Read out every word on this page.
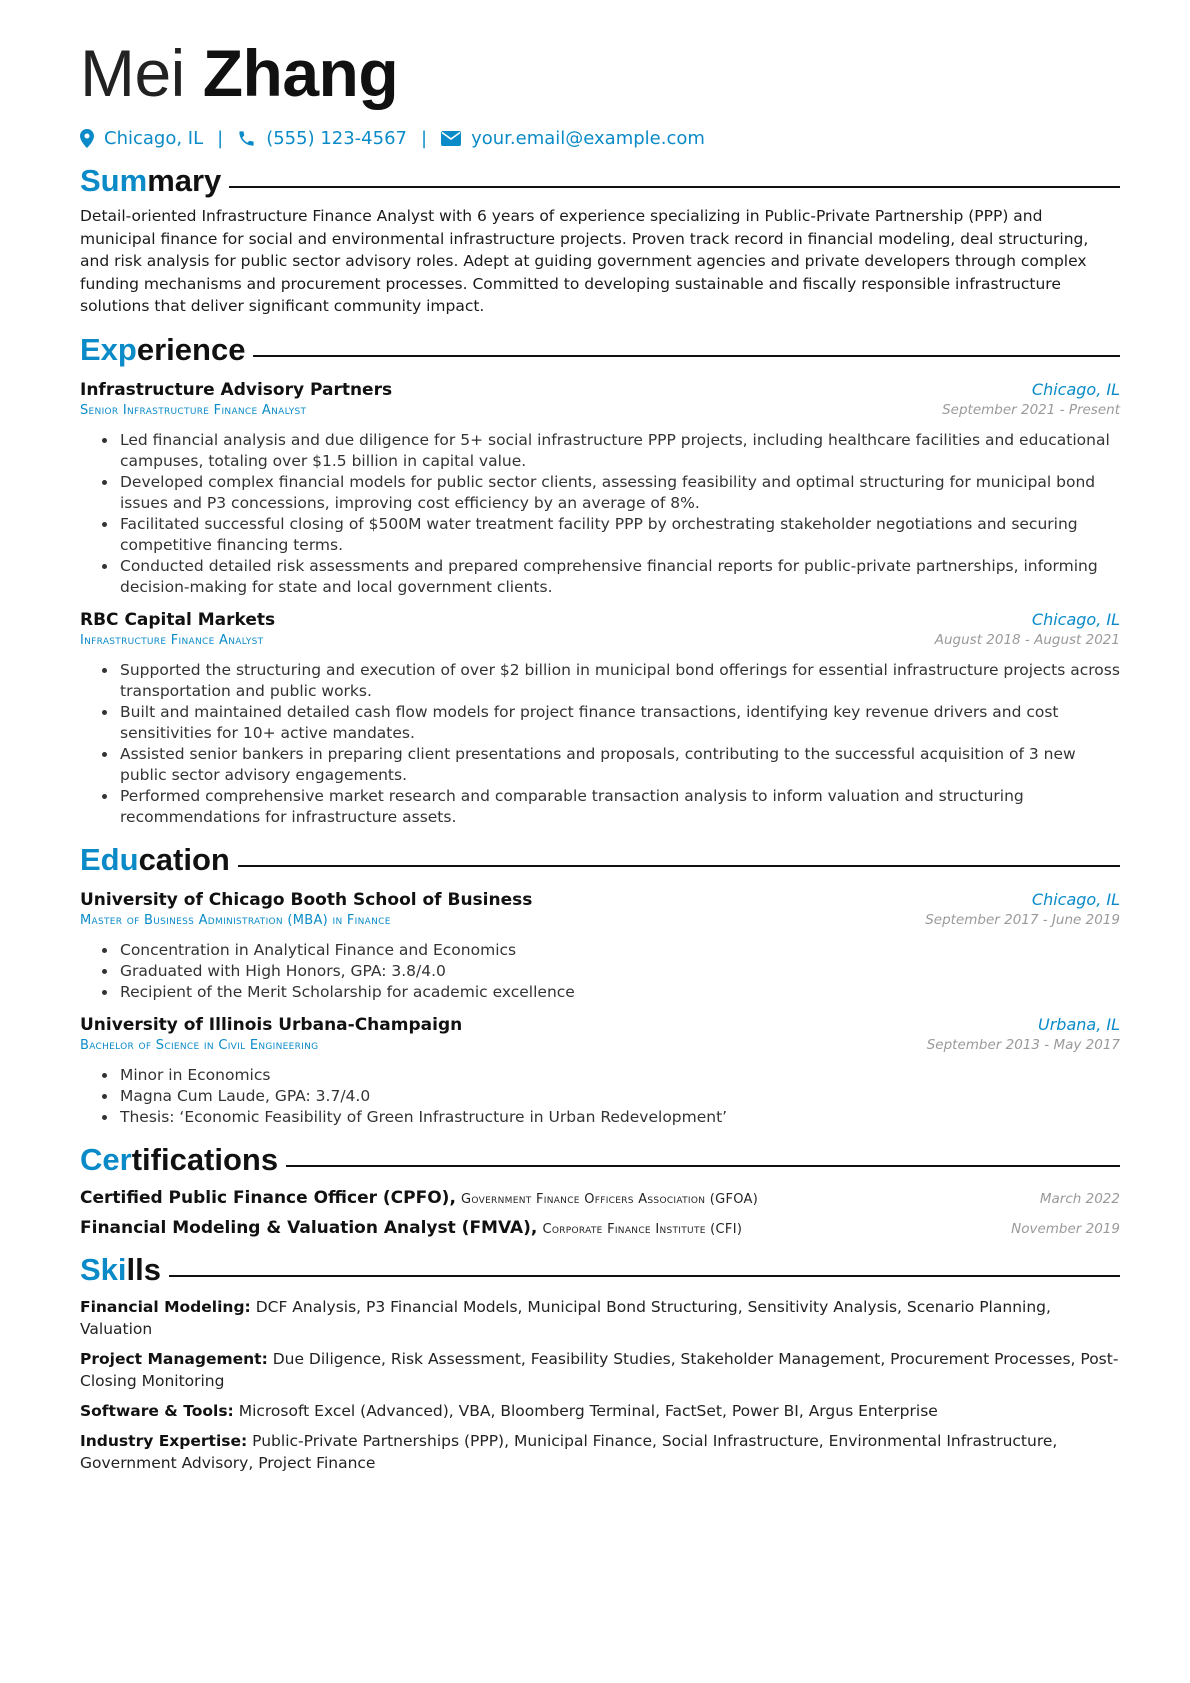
Mei Zhang
Chicago, IL | (555) 123-4567 | your.email@example.com
Summary

Detail-oriented Infrastructure Finance Analyst with 6 years of experience specializing in Public-Private Partnership (PPP) and municipal finance for social and environmental infrastructure projects. Proven track record in financial modeling, deal structuring, and risk analysis for public sector advisory roles. Adept at guiding government agencies and private developers through complex funding mechanisms and procurement processes. Committed to developing sustainable and fiscally responsible infrastructure solutions that deliver significant community impact.

Experience
Infrastructure Advisory Partners	Chicago, IL
Senior Infrastructure Finance Analyst	September 2021 - Present
• Led financial analysis and due diligence for 5+ social infrastructure PPP projects, including healthcare facilities and educational campuses, totaling over $1.5 billion in capital value.
• Developed complex financial models for public sector clients, assessing feasibility and optimal structuring for municipal bond issues and P3 concessions, improving cost efficiency by an average of 8%.
• Facilitated successful closing of $500M water treatment facility PPP by orchestrating stakeholder negotiations and securing competitive financing terms.
• Conducted detailed risk assessments and prepared comprehensive financial reports for public-private partnerships, informing decision-making for state and local government clients.
RBC Capital Markets	Chicago, IL
Infrastructure Finance Analyst	August 2018 - August 2021
• Supported the structuring and execution of over $2 billion in municipal bond offerings for essential infrastructure projects across transportation and public works.
• Built and maintained detailed cash flow models for project finance transactions, identifying key revenue drivers and cost sensitivities for 10+ active mandates.
• Assisted senior bankers in preparing client presentations and proposals, contributing to the successful acquisition of 3 new public sector advisory engagements.
• Performed comprehensive market research and comparable transaction analysis to inform valuation and structuring recommendations for infrastructure assets.
Education
University of Chicago Booth School of Business	Chicago, IL
Master of Business Administration (MBA) in Finance	September 2017 - June 2019
• Concentration in Analytical Finance and Economics
• Graduated with High Honors, GPA: 3.8/4.0
• Recipient of the Merit Scholarship for academic excellence
University of Illinois Urbana-Champaign	Urbana, IL
Bachelor of Science in Civil Engineering	September 2013 - May 2017
• Minor in Economics
• Magna Cum Laude, GPA: 3.7/4.0
• Thesis: ‘Economic Feasibility of Green Infrastructure in Urban Redevelopment’
Certifications
Certified Public Finance Officer (CPFO), Government Finance Officers Association (GFOA)	March 2022
Financial Modeling & Valuation Analyst (FMVA), Corporate Finance Institute (CFI)	November 2019
Skills
Financial Modeling: DCF Analysis, P3 Financial Models, Municipal Bond Structuring, Sensitivity Analysis, Scenario Planning, Valuation
Project Management: Due Diligence, Risk Assessment, Feasibility Studies, Stakeholder Management, Procurement Processes, Post-Closing Monitoring
Software & Tools: Microsoft Excel (Advanced), VBA, Bloomberg Terminal, FactSet, Power BI, Argus Enterprise
Industry Expertise: Public-Private Partnerships (PPP), Municipal Finance, Social Infrastructure, Environmental Infrastructure, Government Advisory, Project Finance
